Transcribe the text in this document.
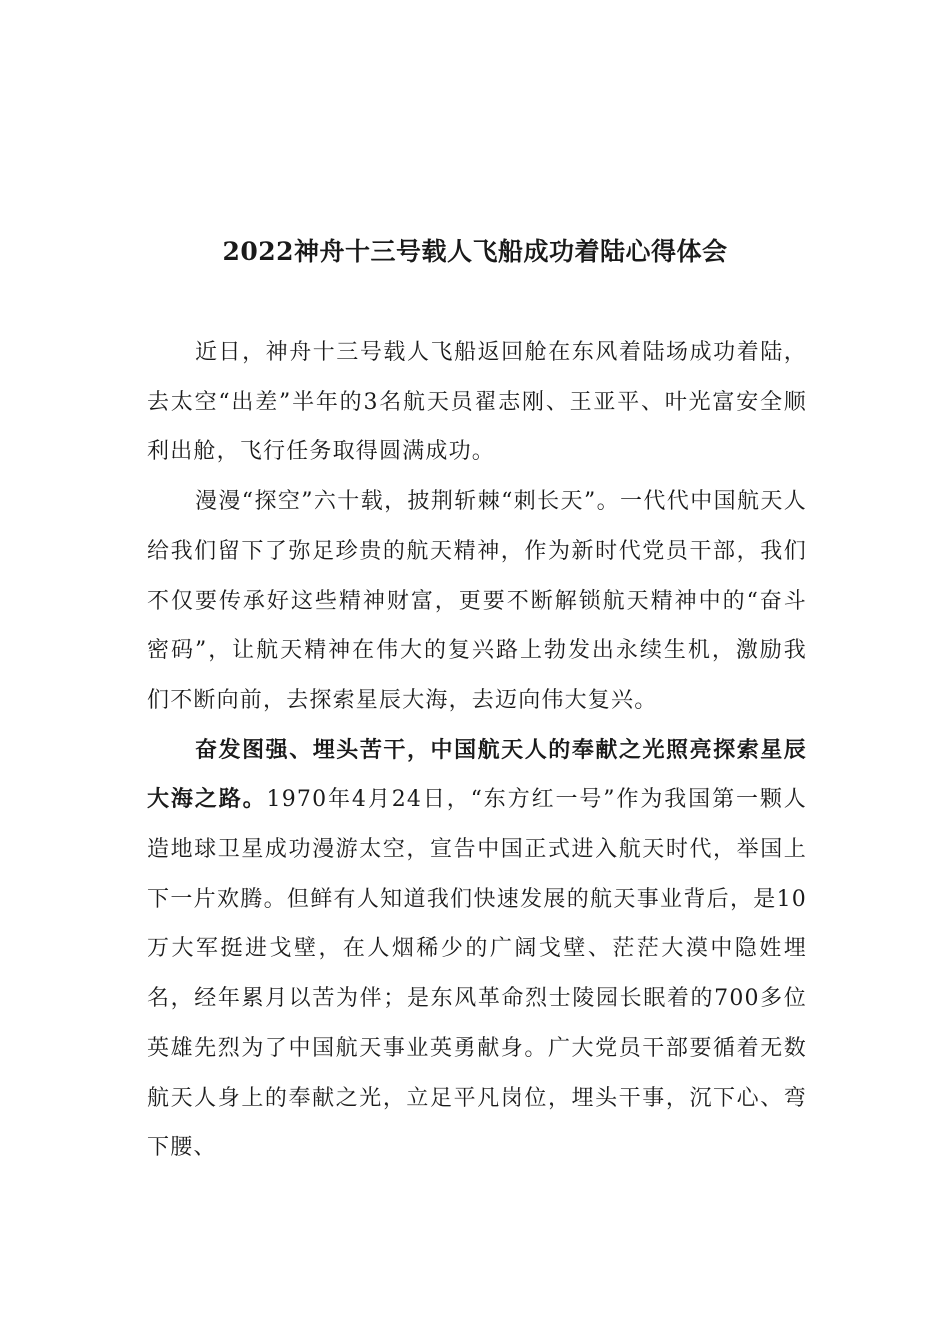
2022神舟十三号载人飞船成功着陆心得体会

近日，神舟十三号载人飞船返回舱在东风着陆场成功着陆，去太空“出差”半年的3名航天员翟志刚、王亚平、叶光富安全顺利出舱，飞行任务取得圆满成功。

漫漫“探空”六十载，披荆斩棘“刺长天”。一代代中国航天人给我们留下了弥足珍贵的航天精神，作为新时代党员干部，我们不仅要传承好这些精神财富，更要不断解锁航天精神中的“奋斗密码”，让航天精神在伟大的复兴路上勃发出永续生机，激励我们不断向前，去探索星辰大海，去迈向伟大复兴。

奋发图强、埋头苦干，中国航天人的奉献之光照亮探索星辰大海之路。1970年4月24日，“东方红一号”作为我国第一颗人造地球卫星成功漫游太空，宣告中国正式进入航天时代，举国上下一片欢腾。但鲜有人知道我们快速发展的航天事业背后，是10万大军挺进戈壁，在人烟稀少的广阔戈壁、茫茫大漠中隐姓埋名，经年累月以苦为伴；是东风革命烈士陵园长眠着的700多位英雄先烈为了中国航天事业英勇献身。广大党员干部要循着无数航天人身上的奉献之光，立足平凡岗位，埋头干事，沉下心、弯下腰、
